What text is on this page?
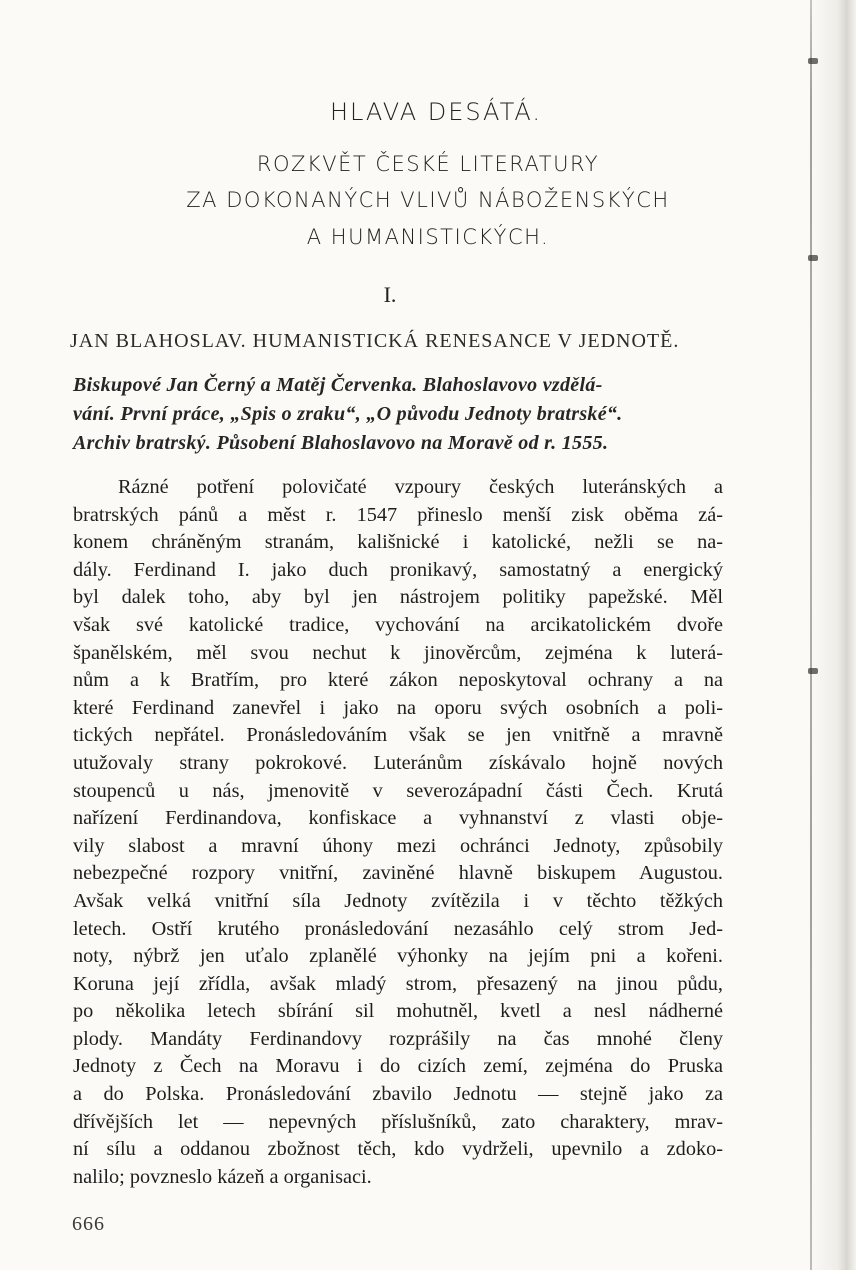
HLAVA DESÁTÁ.
ROZKVĚT ČESKÉ LITERATURY
ZA DOKONANÝCH VLIVŮ NÁBOŽENSKÝCH
A HUMANISTICKÝCH.
I.
JAN BLAHOSLAV. HUMANISTICKÁ RENESANCE V JEDNOTĚ.
Biskupové Jan Černý a Matěj Červenka. Blahoslavovo vzdělá-
vání. První práce, „Spis o zraku“, „O původu Jednoty bratrské“.
Archiv bratrský. Působení Blahoslavovo na Moravě od r. 1555.
Rázné potření polovičaté vzpoury českých luteránských a
bratrských pánů a měst r. 1547 přineslo menší zisk oběma zá-
konem chráněným stranám, kališnické i katolické, nežli se na-
dály. Ferdinand I. jako duch pronikavý, samostatný a energický
byl dalek toho, aby byl jen nástrojem politiky papežské. Měl
však své katolické tradice, vychování na arcikatolickém dvoře
španělském, měl svou nechut k jinověrcům, zejména k luterá-
nům a k Bratřím, pro které zákon neposkytoval ochrany a na
které Ferdinand zanevřel i jako na oporu svých osobních a poli-
tických nepřátel. Pronásledováním však se jen vnitřně a mravně
utužovaly strany pokrokové. Luteránům získávalo hojně nových
stoupenců u nás, jmenovitě v severozápadní části Čech. Krutá
nařízení Ferdinandova, konfiskace a vyhnanství z vlasti obje-
vily slabost a mravní úhony mezi ochránci Jednoty, způsobily
nebezpečné rozpory vnitřní, zaviněné hlavně biskupem Augustou.
Avšak velká vnitřní síla Jednoty zvítězila i v těchto těžkých
letech. Ostří krutého pronásledování nezasáhlo celý strom Jed-
noty, nýbrž jen uťalo zplanělé výhonky na jejím pni a kořeni.
Koruna její zřídla, avšak mladý strom, přesazený na jinou půdu,
po několika letech sbírání sil mohutněl, kvetl a nesl nádherné
plody. Mandáty Ferdinandovy rozprášily na čas mnohé členy
Jednoty z Čech na Moravu i do cizích zemí, zejména do Pruska
a do Polska. Pronásledování zbavilo Jednotu — stejně jako za
dřívějších let — nepevných příslušníků, zato charaktery, mrav-
ní sílu a oddanou zbožnost těch, kdo vydrželi, upevnilo a zdoko-
nalilo; povzneslo kázeň a organisaci.
666
